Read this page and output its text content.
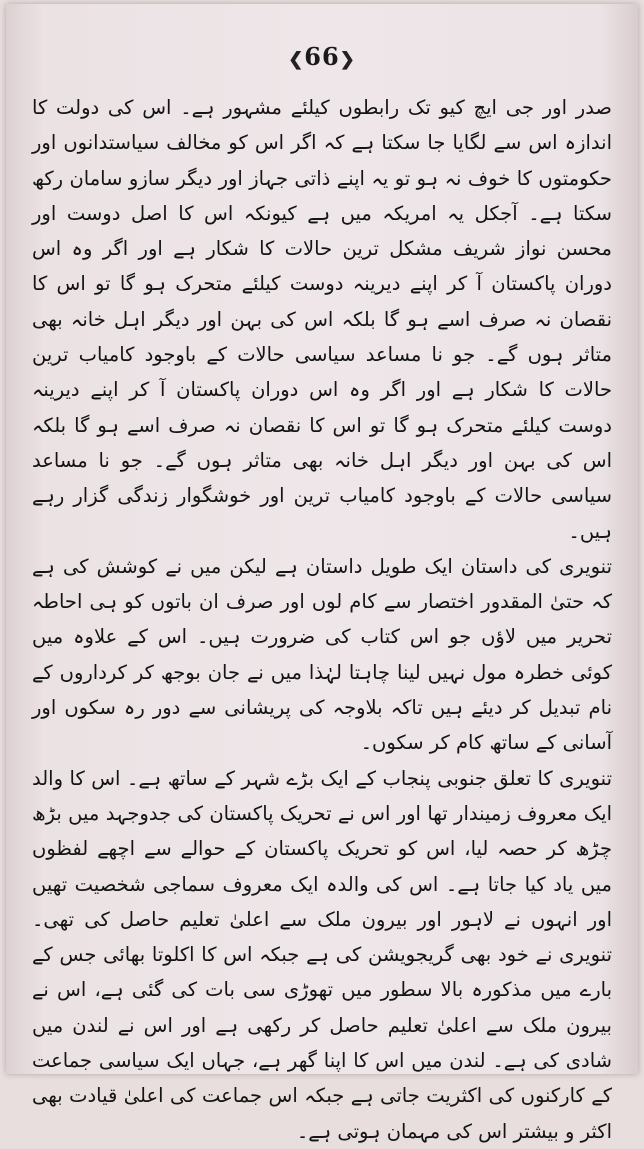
❮66❯

صدر اور جی ایچ کیو تک رابطوں کیلئے مشہور ہے۔ اس کی دولت کا اندازہ اس سے لگایا جا سکتا ہے کہ اگر اس کو مخالف سیاستدانوں اور حکومتوں کا خوف نہ ہو تو یہ اپنے ذاتی جہاز اور دیگر سازو سامان رکھ سکتا ہے۔ آجکل یہ امریکہ میں ہے کیونکہ اس کا اصل دوست اور محسن نواز شریف مشکل ترین حالات کا شکار ہے اور اگر وہ اس دوران پاکستان آ کر اپنے دیرینہ دوست کیلئے متحرک ہو گا تو اس کا نقصان نہ صرف اسے ہو گا بلکہ اس کی بہن اور دیگر اہل خانہ بھی متاثر ہوں گے۔ جو نا مساعد سیاسی حالات کے باوجود کامیاب ترین حالات کا شکار ہے اور اگر وہ اس دوران پاکستان آ کر اپنے دیرینہ دوست کیلئے متحرک ہو گا تو اس کا نقصان نہ صرف اسے ہو گا بلکہ اس کی بہن اور دیگر اہل خانہ بھی متاثر ہوں گے۔ جو نا مساعد سیاسی حالات کے باوجود کامیاب ترین اور خوشگوار زندگی گزار رہے ہیں۔

تنویری کی داستان ایک طویل داستان ہے لیکن میں نے کوشش کی ہے کہ حتیٰ المقدور اختصار سے کام لوں اور صرف ان باتوں کو ہی احاطہ تحریر میں لاؤں جو اس کتاب کی ضرورت ہیں۔ اس کے علاوہ میں کوئی خطرہ مول نہیں لینا چاہتا لہٰذا میں نے جان بوجھ کر کرداروں کے نام تبدیل کر دیئے ہیں تاکہ بلاوجہ کی پریشانی سے دور رہ سکوں اور آسانی کے ساتھ کام کر سکوں۔

تنویری کا تعلق جنوبی پنجاب کے ایک بڑے شہر کے ساتھ ہے۔ اس کا والد ایک معروف زمیندار تھا اور اس نے تحریک پاکستان کی جدوجہد میں بڑھ چڑھ کر حصہ لیا، اس کو تحریک پاکستان کے حوالے سے اچھے لفظوں میں یاد کیا جاتا ہے۔ اس کی والدہ ایک معروف سماجی شخصیت تھیں اور انہوں نے لاہور اور بیرون ملک سے اعلیٰ تعلیم حاصل کی تھی۔ تنویری نے خود بھی گریجویشن کی ہے جبکہ اس کا اکلوتا بھائی جس کے بارے میں مذکورہ بالا سطور میں تھوڑی سی بات کی گئی ہے، اس نے بیرون ملک سے اعلیٰ تعلیم حاصل کر رکھی ہے اور اس نے لندن میں شادی کی ہے۔ لندن میں اس کا اپنا گھر ہے، جہاں ایک سیاسی جماعت کے کارکنوں کی اکثریت جاتی ہے جبکہ اس جماعت کی اعلیٰ قیادت بھی اکثر و بیشتر اس کی مہمان ہوتی ہے۔
